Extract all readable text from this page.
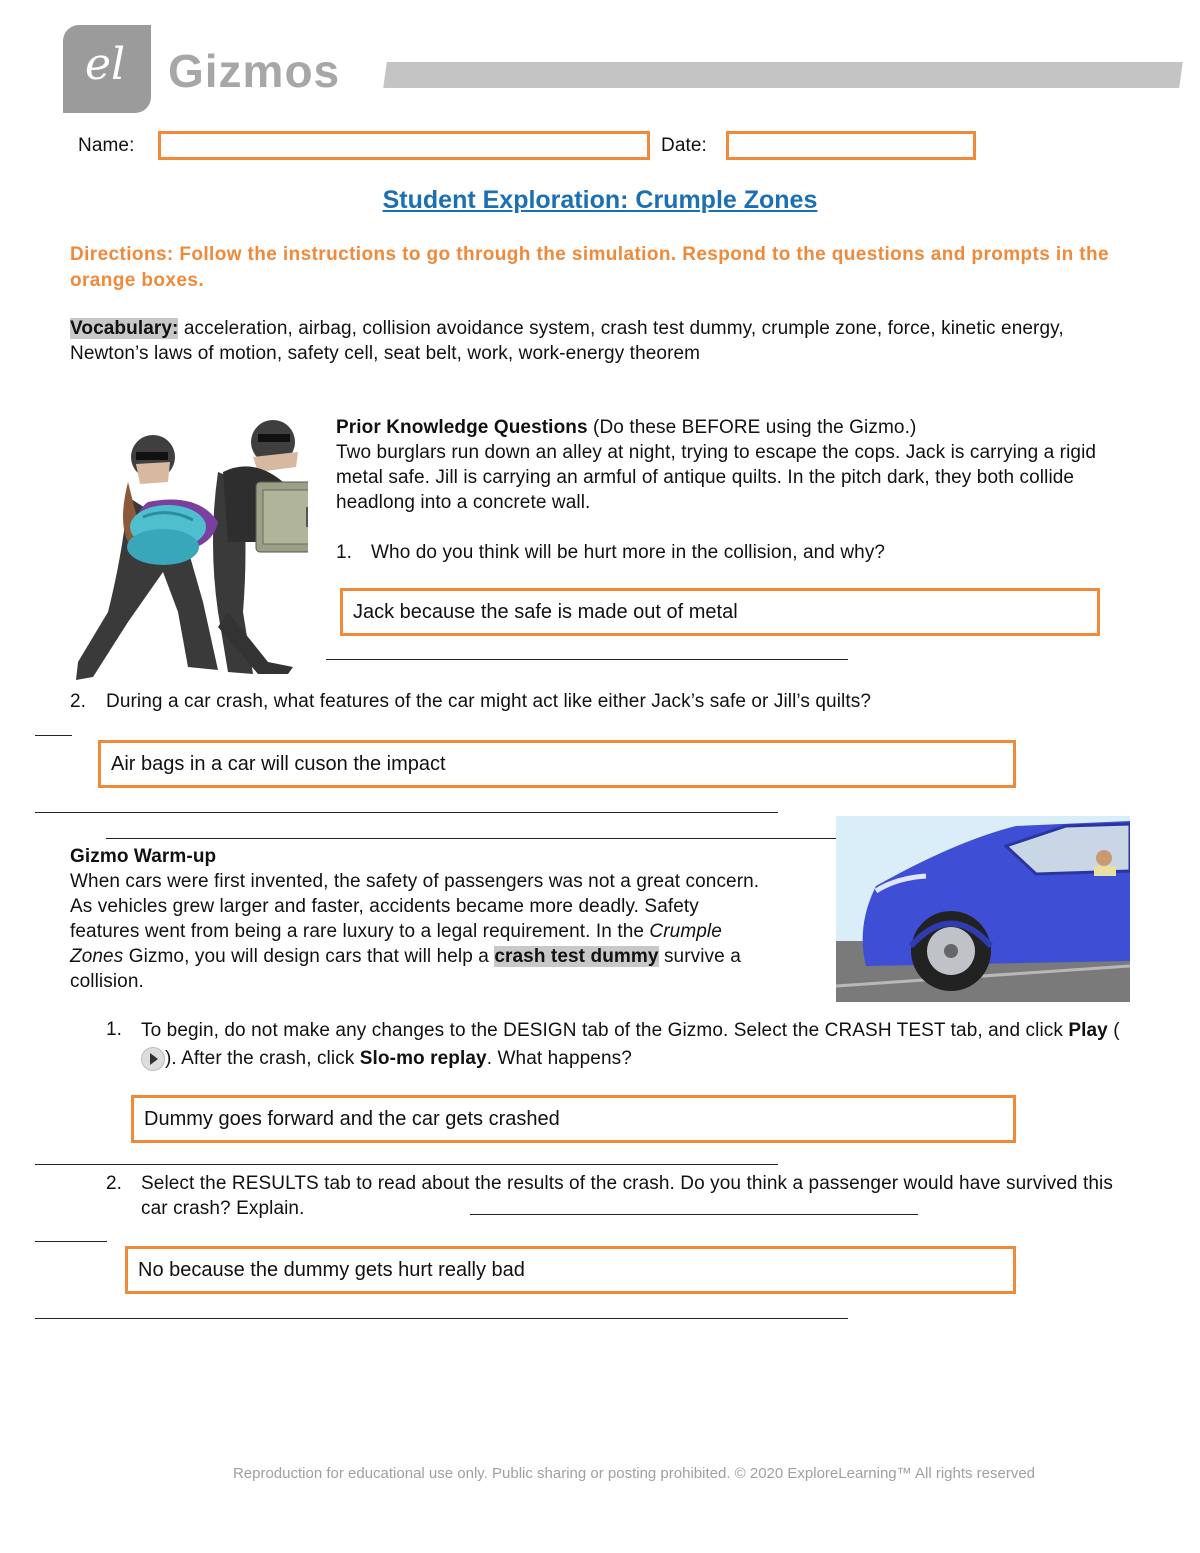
el Gizmos
Name:	Date:
Student Exploration: Crumple Zones
Directions: Follow the instructions to go through the simulation. Respond to the questions and prompts in the orange boxes.
Vocabulary: acceleration, airbag, collision avoidance system, crash test dummy, crumple zone, force, kinetic energy, Newton’s laws of motion, safety cell, seat belt, work, work-energy theorem
Prior Knowledge Questions (Do these BEFORE using the Gizmo.)
Two burglars run down an alley at night, trying to escape the cops. Jack is carrying a rigid metal safe. Jill is carrying an armful of antique quilts. In the pitch dark, they both collide headlong into a concrete wall.
1. Who do you think will be hurt more in the collision, and why?
Jack because the safe is made out of metal
2. During a car crash, what features of the car might act like either Jack’s safe or Jill’s quilts?
Air bags in a car will cuson the impact
Gizmo Warm-up
When cars were first invented, the safety of passengers was not a great concern. As vehicles grew larger and faster, accidents became more deadly. Safety features went from being a rare luxury to a legal requirement. In the Crumple Zones Gizmo, you will design cars that will help a crash test dummy survive a collision.
1. To begin, do not make any changes to the DESIGN tab of the Gizmo. Select the CRASH TEST tab, and click Play (
). After the crash, click Slo-mo replay. What happens?
Dummy goes forward and the car gets crashed
2. Select the RESULTS tab to read about the results of the crash. Do you think a passenger would have survived this car crash? Explain.
No because the dummy gets hurt really bad
Reproduction for educational use only. Public sharing or posting prohibited. © 2020 ExploreLearning™ All rights reserved
